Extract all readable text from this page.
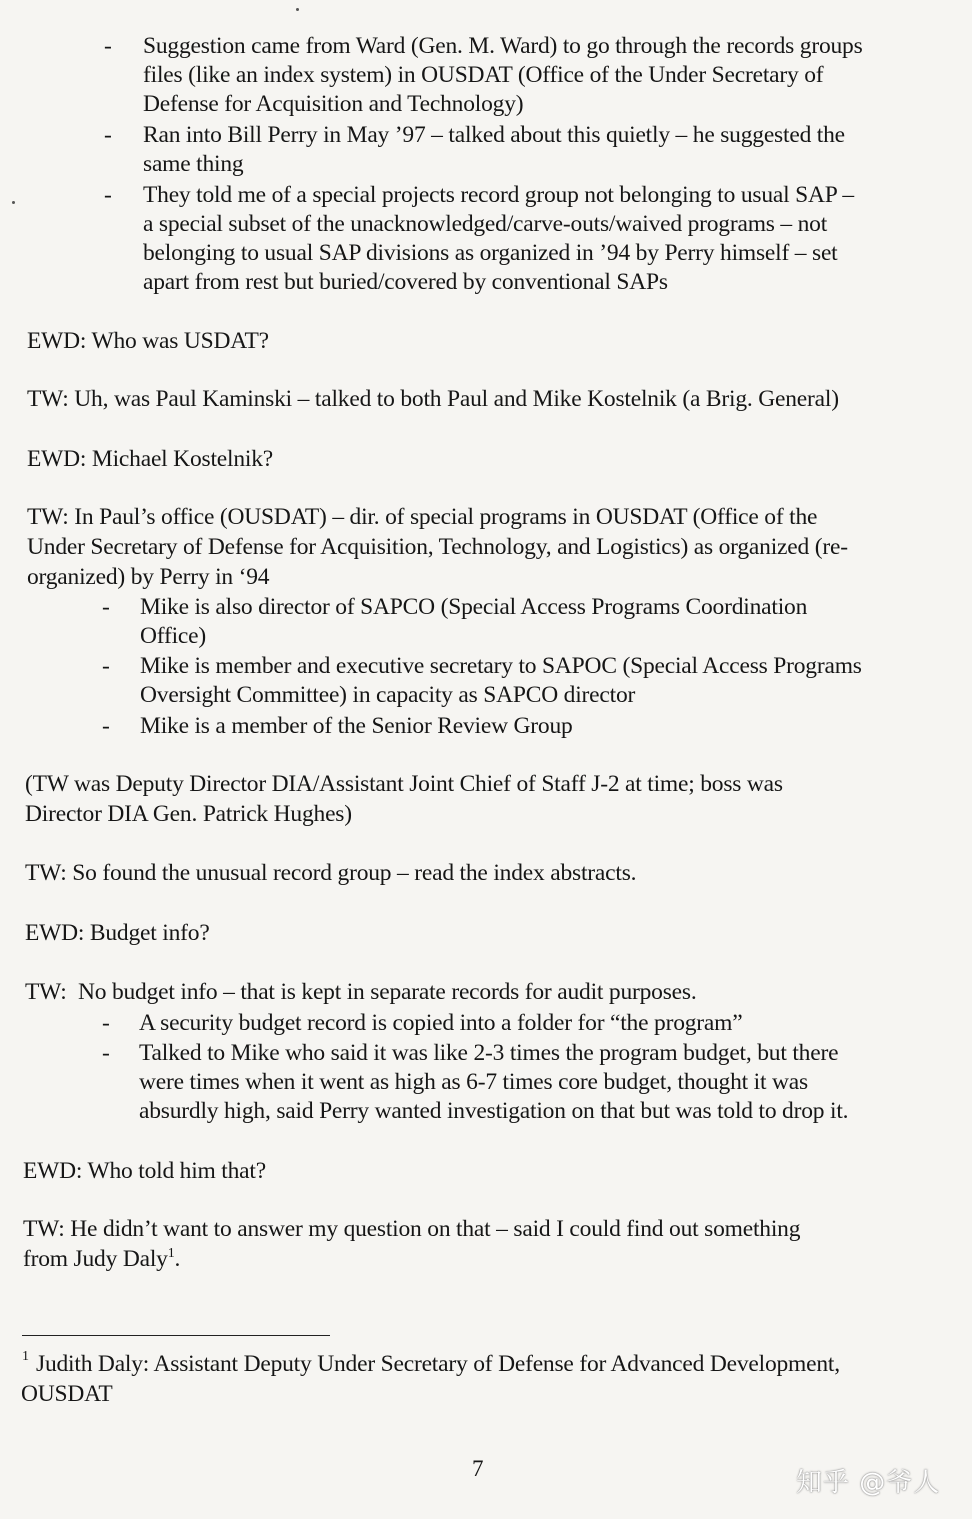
- Suggestion came from Ward (Gen. M. Ward) to go through the records groups
files (like an index system) in OUSDAT (Office of the Under Secretary of
Defense for Acquisition and Technology)
- Ran into Bill Perry in May ’97 – talked about this quietly – he suggested the
same thing
- They told me of a special projects record group not belonging to usual SAP –
a special subset of the unacknowledged/carve-outs/waived programs – not
belonging to usual SAP divisions as organized in ’94 by Perry himself – set
apart from rest but buried/covered by conventional SAPs
EWD: Who was USDAT?
TW: Uh, was Paul Kaminski – talked to both Paul and Mike Kostelnik (a Brig. General)
EWD: Michael Kostelnik?
TW: In Paul’s office (OUSDAT) – dir. of special programs in OUSDAT (Office of the
Under Secretary of Defense for Acquisition, Technology, and Logistics) as organized (re-
organized) by Perry in ‘94
- Mike is also director of SAPCO (Special Access Programs Coordination
Office)
- Mike is member and executive secretary to SAPOC (Special Access Programs
Oversight Committee) in capacity as SAPCO director
- Mike is a member of the Senior Review Group
(TW was Deputy Director DIA/Assistant Joint Chief of Staff J-2 at time; boss was
Director DIA Gen. Patrick Hughes)
TW: So found the unusual record group – read the index abstracts.
EWD: Budget info?
TW:  No budget info – that is kept in separate records for audit purposes.
- A security budget record is copied into a folder for “the program”
- Talked to Mike who said it was like 2-3 times the program budget, but there
were times when it went as high as 6-7 times core budget, thought it was
absurdly high, said Perry wanted investigation on that but was told to drop it.
EWD: Who told him that?
TW: He didn’t want to answer my question on that – said I could find out something
from Judy Daly$^1$.
1 Judith Daly: Assistant Deputy Under Secretary of Defense for Advanced Development,
OUSDAT
7	知乎 @爷人
